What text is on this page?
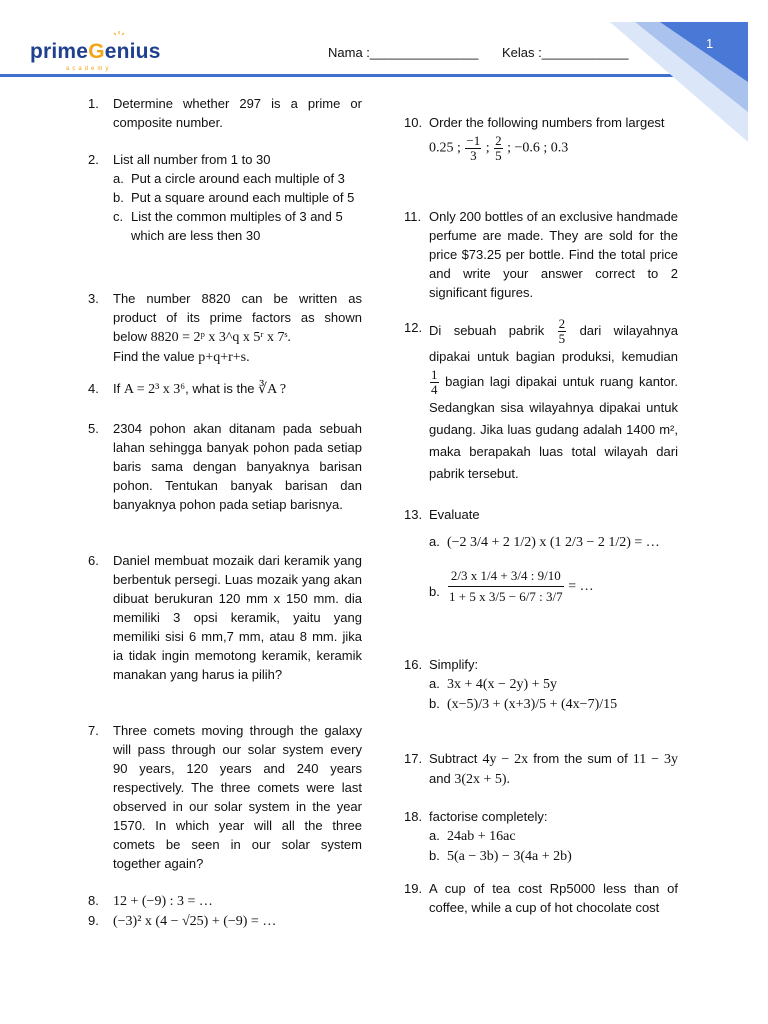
primeGenius
academy
Nama :_______________ Kelas :____________
1
1. Determine whether 297 is a prime or composite number.

2. List all number from 1 to 30

a. Put a circle around each multiple of 3
b. Put a square around each multiple of 5
c. List the common multiples of 3 and 5 which are less then 30
3. The number 8820 can be written as product of its prime factors as shown below 8820 = 2ᵖ x 3^q x 5ʳ x 7ˢ.

Find the value p+q+r+s.
4. If A = 2³ x 3⁶, what is the ∛A ?

5. 2304 pohon akan ditanam pada sebuah lahan sehingga banyak pohon pada setiap baris sama dengan banyaknya barisan pohon. Tentukan banyak barisan dan banyaknya pohon pada setiap barisnya.

6. Daniel membuat mozaik dari keramik yang berbentuk persegi. Luas mozaik yang akan dibuat berukuran 120 mm x 150 mm. dia memiliki 3 opsi keramik, yaitu yang memiliki sisi 6 mm,7 mm, atau 8 mm. jika ia tidak ingin memotong keramik, keramik manakan yang harus ia pilih?

7. Three comets moving through the galaxy will pass through our solar system every 90 years, 120 years and 240 years respectively. The three comets were last observed in our solar system in the year 1570. In which year will all the three comets be seen in our solar system together again?

8. 12 + (−9) : 3 = …
9. (−3)² x (4 − √25) + (−9) = …
10. Order the following numbers from largest

0.25 ; $\frac{-1}{3}$ ; $\frac{2}{5}$ ; −0.6 ; 0.3
11. Only 200 bottles of an exclusive handmade perfume are made. They are sold for the price $73.25 per bottle. Find the total price and write your answer correct to 2 significant figures.

12. Di sebuah pabrik $\frac{2}{5}$ dari wilayahnya dipakai untuk bagian produksi, kemudian
$\frac{1}{4}$ bagian lagi dipakai untuk ruang kantor. Sedangkan sisa wilayahnya dipakai untuk gudang. Jika luas gudang adalah 1400 m², maka berapakah luas total wilayah dari pabrik tersebut.

13. Evaluate

a. (−2 3/4 + 2 1/2) x (1 2/3 − 2 1/2) = …
b. $\frac{2/3 x 1/4 + 3/4 : 9/10}{1 + 5 x 3/5 - 6/7 : 3/7}$ = …
16. Simplify:

a. 3x + 4(x − 2y) + 5y
b. (x−5)/3 + (x+3)/5 + (4x−7)/15
17. Subtract 4y − 2x from the sum of 11 − 3y and 3(2x + 5).

18. factorise completely:

a. 24ab + 16ac
b. 5(a − 3b) − 3(4a + 2b)
19. A cup of tea cost Rp5000 less than of coffee, while a cup of hot chocolate cost
